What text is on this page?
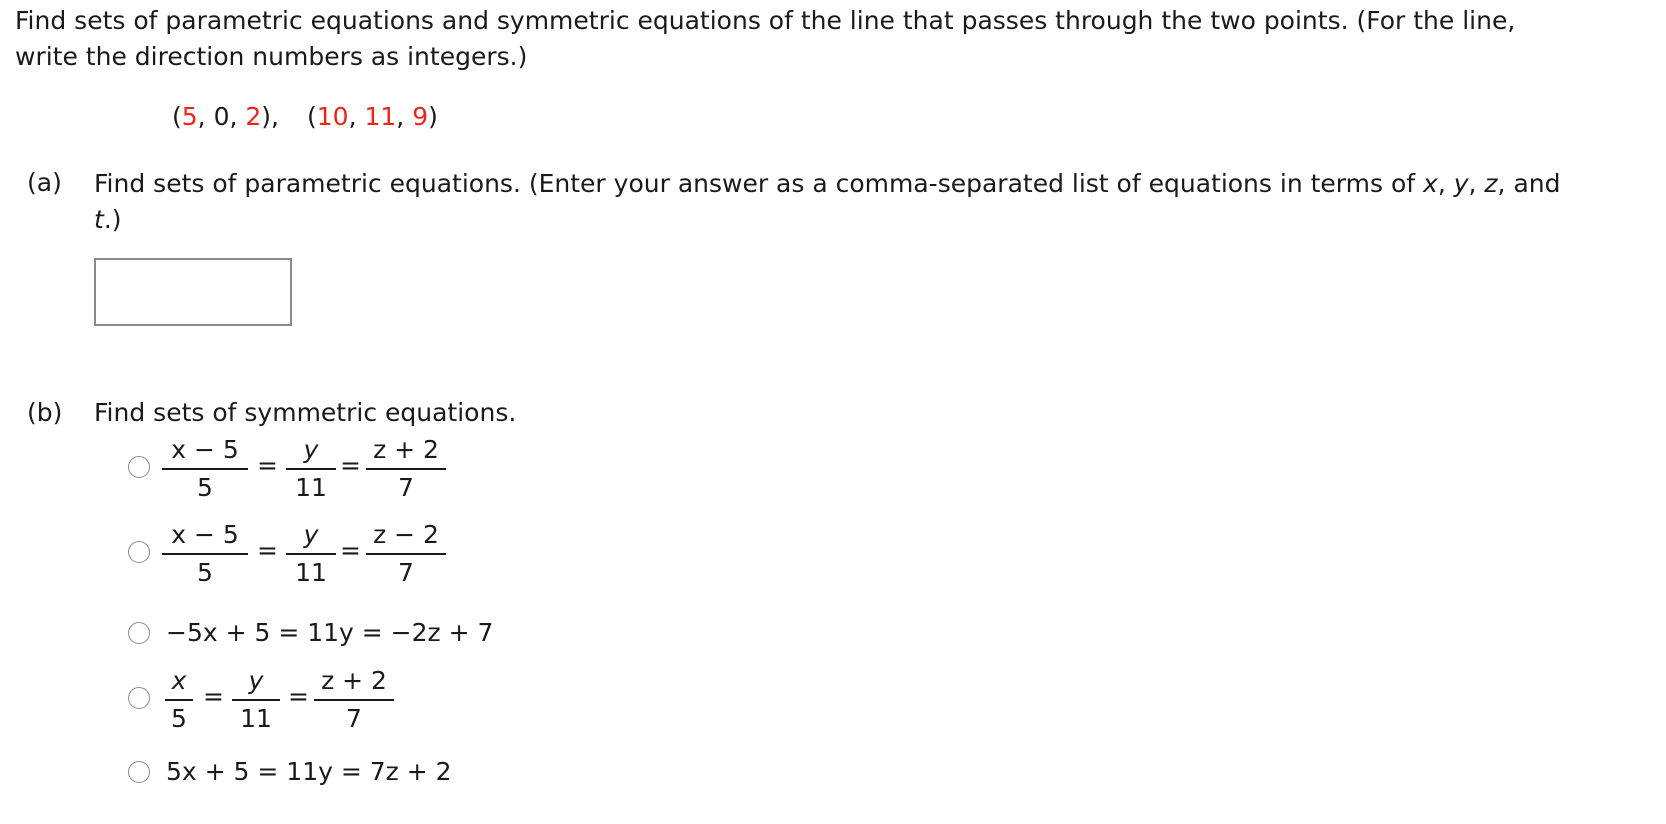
Find sets of parametric equations and symmetric equations of the line that passes through the two points. (For the line,
write the direction numbers as integers.)
(5, 0, 2), (10, 11, 9)
(a) Find sets of parametric equations. (Enter your answer as a comma-separated list of equations in terms of x, y, z, and
t.)
(b) Find sets of symmetric equations.
x − 5
5
=
y
11
=
z + 2
7
x − 5
5
=
y
11
=
z − 2
7
−5x + 5 = 11y = −2z + 7
x
5
=
y
11
=
z + 2
7
5x + 5 = 11y = 7z + 2
